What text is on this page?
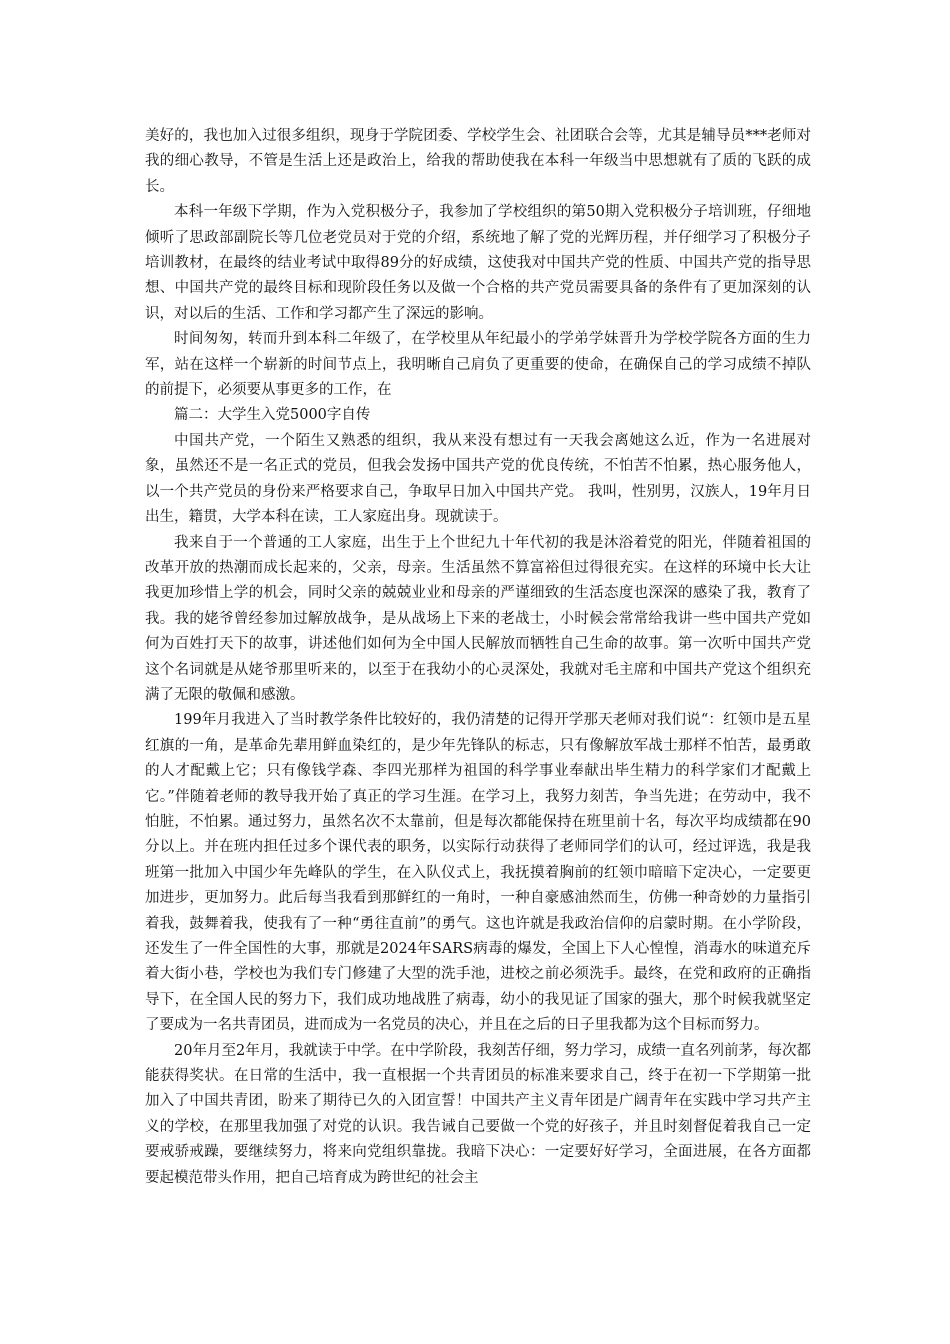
美好的，我也加入过很多组织，现身于学院团委、学校学生会、社团联合会等，尤其是辅导员***老师对我的细心教导，不管是生活上还是政治上，给我的帮助使我在本科一年级当中思想就有了质的飞跃的成长。

本科一年级下学期，作为入党积极分子，我参加了学校组织的第50期入党积极分子培训班，仔细地倾听了思政部副院长等几位老党员对于党的介绍，系统地了解了党的光辉历程，并仔细学习了积极分子培训教材，在最终的结业考试中取得89分的好成绩，这使我对中国共产党的性质、中国共产党的指导思想、中国共产党的最终目标和现阶段任务以及做一个合格的共产党员需要具备的条件有了更加深刻的认识，对以后的生活、工作和学习都产生了深远的影响。

时间匆匆，转而升到本科二年级了，在学校里从年纪最小的学弟学妹晋升为学校学院各方面的生力军，站在这样一个崭新的时间节点上，我明晰自己肩负了更重要的使命，在确保自己的学习成绩不掉队的前提下，必须要从事更多的工作，在

篇二：大学生入党5000字自传

中国共产党，一个陌生又熟悉的组织，我从来没有想过有一天我会离她这么近，作为一名进展对象，虽然还不是一名正式的党员，但我会发扬中国共产党的优良传统，不怕苦不怕累，热心服务他人，以一个共产党员的身份来严格要求自己，争取早日加入中国共产党。 我叫，性别男，汉族人，19年月日出生，籍贯，大学本科在读，工人家庭出身。现就读于。

我来自于一个普通的工人家庭，出生于上个世纪九十年代初的我是沐浴着党的阳光，伴随着祖国的改革开放的热潮而成长起来的，父亲，母亲。生活虽然不算富裕但过得很充实。在这样的环境中长大让我更加珍惜上学的机会，同时父亲的兢兢业业和母亲的严谨细致的生活态度也深深的感染了我，教育了我。我的姥爷曾经参加过解放战争，是从战场上下来的老战士，小时候会常常给我讲一些中国共产党如何为百姓打天下的故事，讲述他们如何为全中国人民解放而牺牲自己生命的故事。第一次听中国共产党这个名词就是从姥爷那里听来的，以至于在我幼小的心灵深处，我就对毛主席和中国共产党这个组织充满了无限的敬佩和感激。

199年月我进入了当时教学条件比较好的，我仍清楚的记得开学那天老师对我们说“：红领巾是五星红旗的一角，是革命先辈用鲜血染红的，是少年先锋队的标志，只有像解放军战士那样不怕苦，最勇敢的人才配戴上它；只有像钱学森、李四光那样为祖国的科学事业奉献出毕生精力的科学家们才配戴上它。”伴随着老师的教导我开始了真正的学习生涯。在学习上，我努力刻苦，争当先进；在劳动中，我不怕脏，不怕累。通过努力，虽然名次不太靠前，但是每次都能保持在班里前十名，每次平均成绩都在90分以上。并在班内担任过多个课代表的职务，以实际行动获得了老师同学们的认可，经过评选，我是我班第一批加入中国少年先峰队的学生，在入队仪式上，我抚摸着胸前的红领巾暗暗下定决心，一定要更加进步，更加努力。此后每当我看到那鲜红的一角时，一种自豪感油然而生，仿佛一种奇妙的力量指引着我，鼓舞着我，使我有了一种“勇往直前”的勇气。这也许就是我政治信仰的启蒙时期。在小学阶段，还发生了一件全国性的大事，那就是2024年SARS病毒的爆发，全国上下人心惶惶，消毒水的味道充斥着大街小巷，学校也为我们专门修建了大型的洗手池，进校之前必须洗手。最终，在党和政府的正确指导下，在全国人民的努力下，我们成功地战胜了病毒，幼小的我见证了国家的强大，那个时候我就坚定了要成为一名共青团员，进而成为一名党员的决心，并且在之后的日子里我都为这个目标而努力。

20年月至2年月，我就读于中学。在中学阶段，我刻苦仔细，努力学习，成绩一直名列前茅，每次都能获得奖状。在日常的生活中，我一直根据一个共青团员的标准来要求自己，终于在初一下学期第一批加入了中国共青团，盼来了期待已久的入团宣誓！中国共产主义青年团是广阔青年在实践中学习共产主义的学校，在那里我加强了对党的认识。我告诫自己要做一个党的好孩子，并且时刻督促着我自己一定要戒骄戒躁，要继续努力，将来向党组织靠拢。我暗下决心：一定要好好学习，全面进展，在各方面都要起模范带头作用，把自己培育成为跨世纪的社会主
